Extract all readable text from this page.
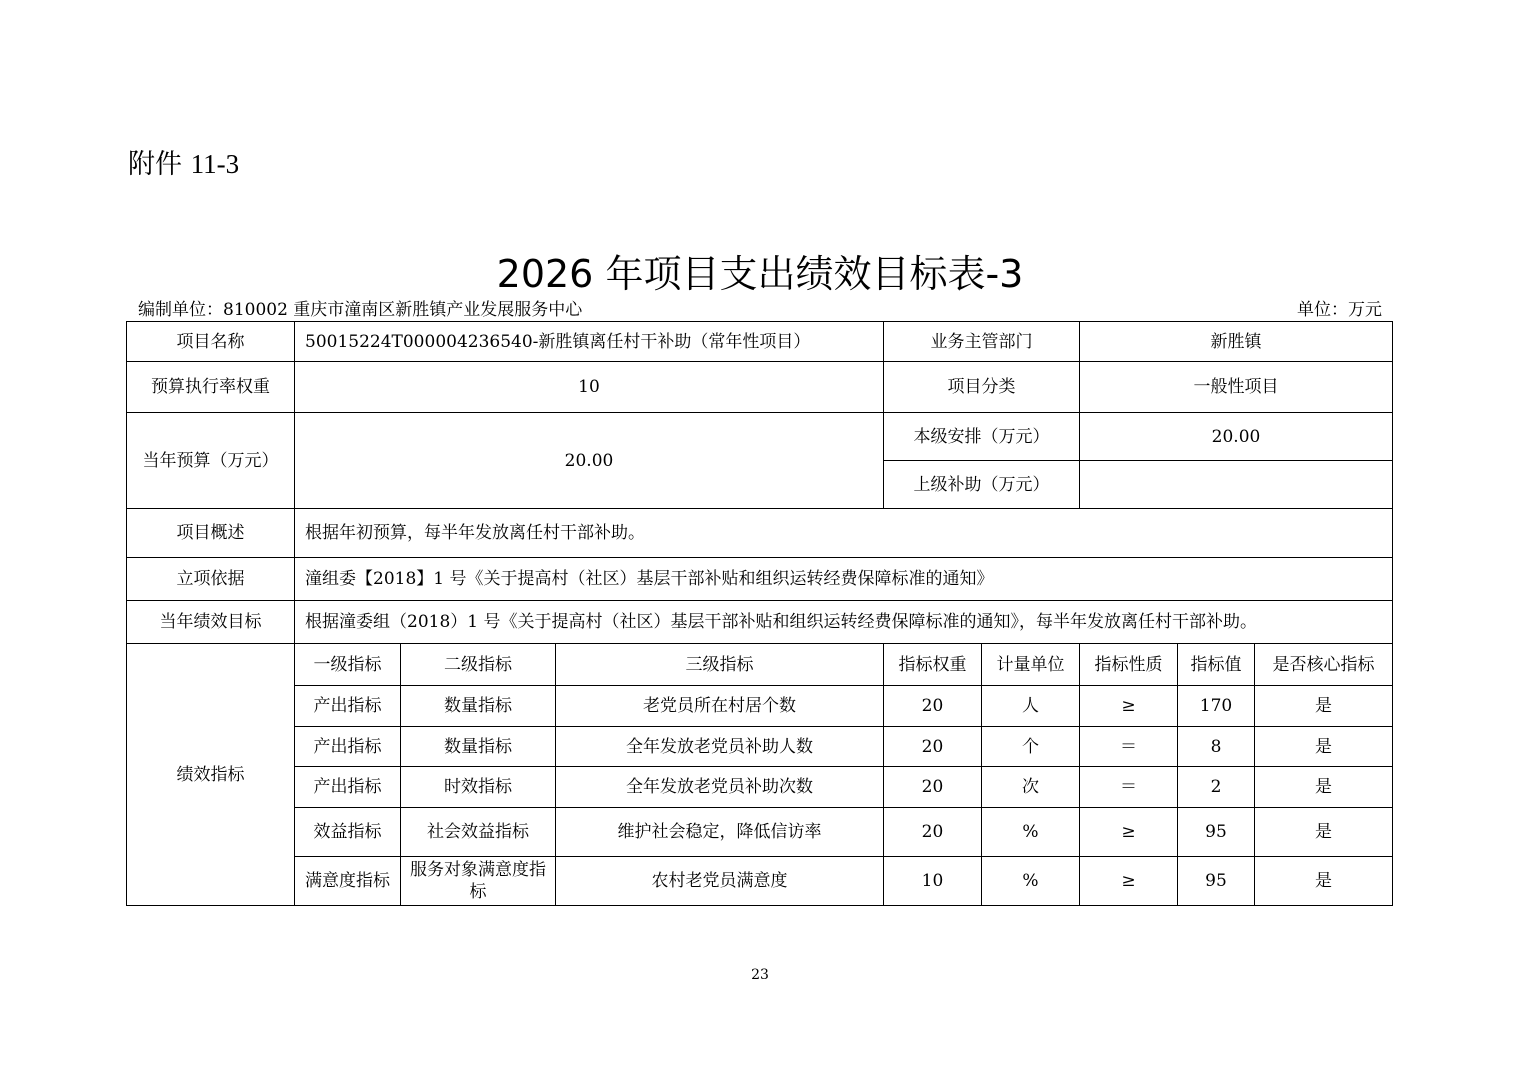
附件 11-3
2026 年项目支出绩效目标表-3
编制单位：810002 重庆市潼南区新胜镇产业发展服务中心	单位：万元
项目名称	50015224T000004236540-新胜镇离任村干补助（常年性项目）			业务主管部门		新胜镇		
预算执行率权重	10			项目分类		一般性项目		
当年预算（万元）	20.00			本级安排（万元）		20.00		
				上级补助（万元）				
项目概述	根据年初预算，每半年发放离任村干部补助。							
立项依据	潼组委【2018】1 号《关于提高村（社区）基层干部补贴和组织运转经费保障标准的通知》							
当年绩效目标	根据潼委组（2018）1 号《关于提高村（社区）基层干部补贴和组织运转经费保障标准的通知》，每半年发放离任村干部补助。							
绩效指标	一级指标	二级指标	三级指标	指标权重	计量单位	指标性质	指标值	是否核心指标
	产出指标	数量指标	老党员所在村居个数	20	人	≥	170	是
	产出指标	数量指标	全年发放老党员补助人数	20	个	＝	8	是
	产出指标	时效指标	全年发放老党员补助次数	20	次	＝	2	是
	效益指标	社会效益指标	维护社会稳定，降低信访率	20	%	≥	95	是
	满意度指标	服务对象满意度指标	农村老党员满意度	10	%	≥	95	是
23
